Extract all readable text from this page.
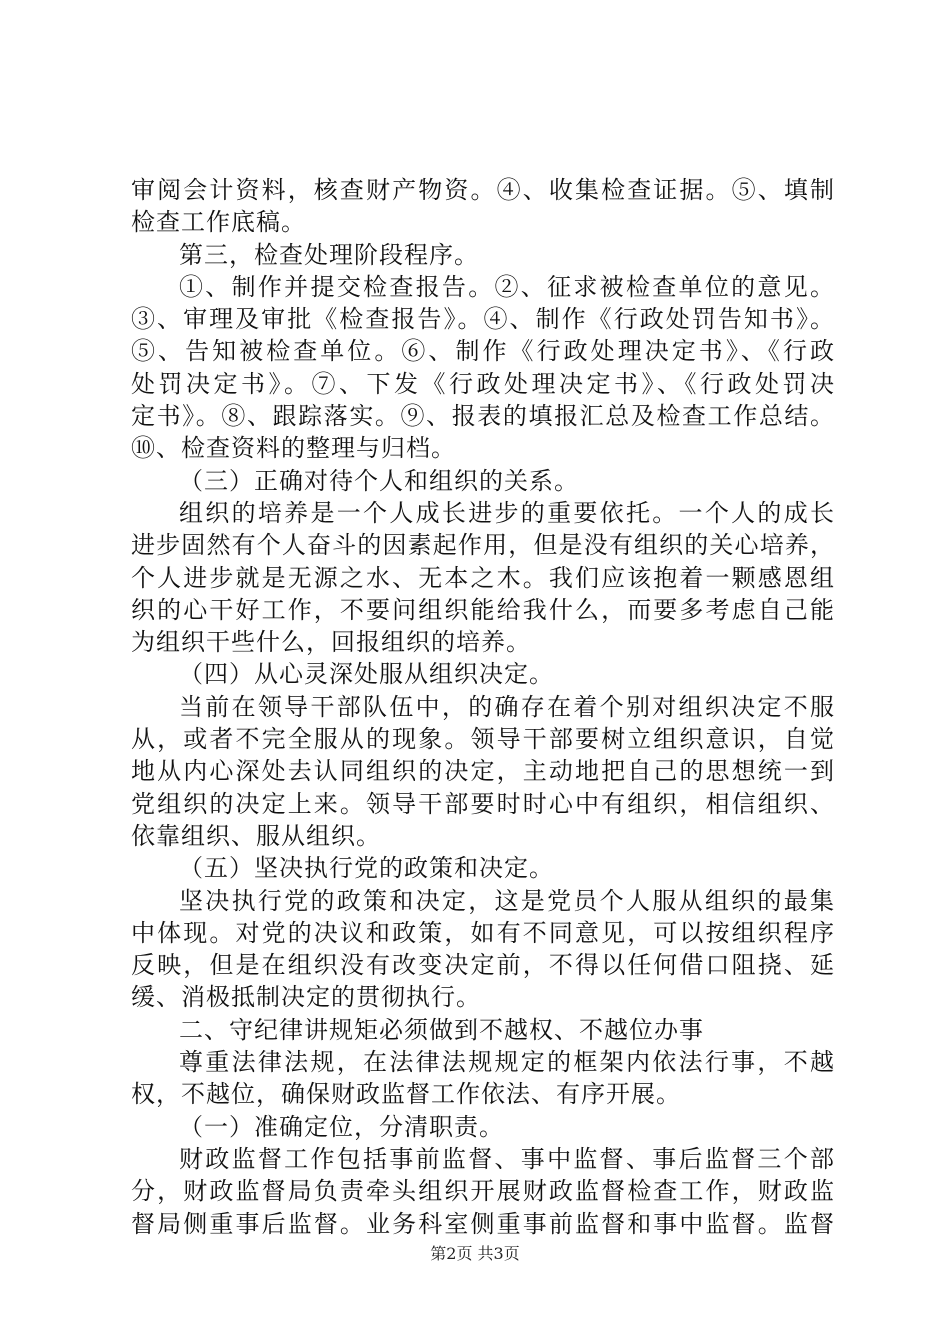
审阅会计资料，核查财产物资。④、收集检查证据。⑤、填制
检查工作底稿。
第三，检查处理阶段程序。
①、制作并提交检查报告。②、征求被检查单位的意见。
③、审理及审批《检查报告》。④、制作《行政处罚告知书》。
⑤、告知被检查单位。⑥、制作《行政处理决定书》、《行政
处罚决定书》。⑦、下发《行政处理决定书》、《行政处罚决
定书》。⑧、跟踪落实。⑨、报表的填报汇总及检查工作总结。
⑩、检查资料的整理与归档。
（三）正确对待个人和组织的关系。
组织的培养是一个人成长进步的重要依托。一个人的成长
进步固然有个人奋斗的因素起作用，但是没有组织的关心培养，
个人进步就是无源之水、无本之木。我们应该抱着一颗感恩组
织的心干好工作，不要问组织能给我什么，而要多考虑自己能
为组织干些什么，回报组织的培养。
（四）从心灵深处服从组织决定。
当前在领导干部队伍中，的确存在着个别对组织决定不服
从，或者不完全服从的现象。领导干部要树立组织意识，自觉
地从内心深处去认同组织的决定，主动地把自己的思想统一到
党组织的决定上来。领导干部要时时心中有组织，相信组织、
依靠组织、服从组织。
（五）坚决执行党的政策和决定。
坚决执行党的政策和决定，这是党员个人服从组织的最集
中体现。对党的决议和政策，如有不同意见，可以按组织程序
反映，但是在组织没有改变决定前，不得以任何借口阻挠、延
缓、消极抵制决定的贯彻执行。
二、守纪律讲规矩必须做到不越权、不越位办事
尊重法律法规，在法律法规规定的框架内依法行事，不越
权，不越位，确保财政监督工作依法、有序开展。
（一）准确定位，分清职责。
财政监督工作包括事前监督、事中监督、事后监督三个部
分，财政监督局负责牵头组织开展财政监督检查工作，财政监
督局侧重事后监督。业务科室侧重事前监督和事中监督。监督
第2页 共3页
